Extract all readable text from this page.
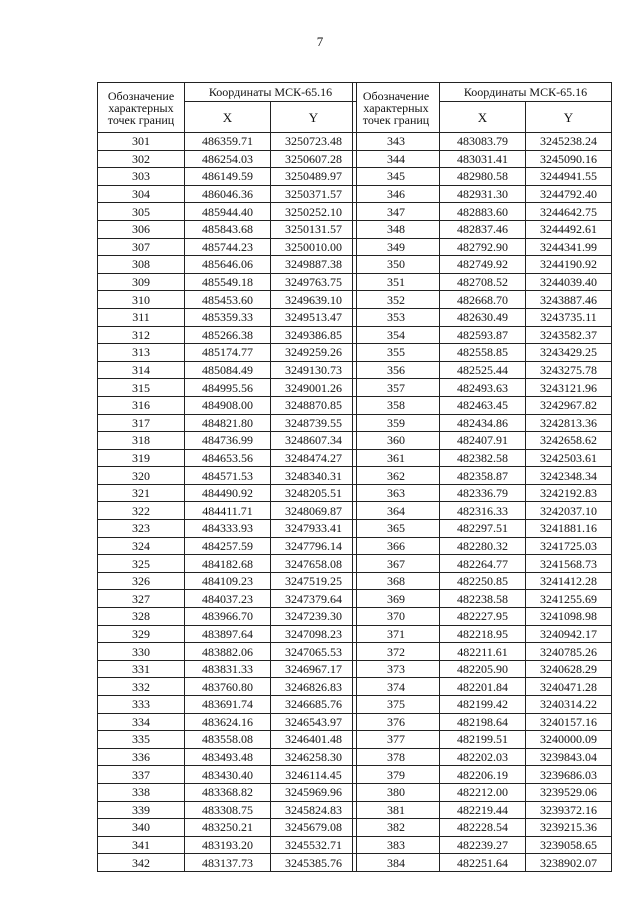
7
Обозначение
характерных
точек границ	Координаты МСК-65.16	
	X	Y
301	486359.71	3250723.48
302	486254.03	3250607.28
303	486149.59	3250489.97
304	486046.36	3250371.57
305	485944.40	3250252.10
306	485843.68	3250131.57
307	485744.23	3250010.00
308	485646.06	3249887.38
309	485549.18	3249763.75
310	485453.60	3249639.10
311	485359.33	3249513.47
312	485266.38	3249386.85
313	485174.77	3249259.26
314	485084.49	3249130.73
315	484995.56	3249001.26
316	484908.00	3248870.85
317	484821.80	3248739.55
318	484736.99	3248607.34
319	484653.56	3248474.27
320	484571.53	3248340.31
321	484490.92	3248205.51
322	484411.71	3248069.87
323	484333.93	3247933.41
324	484257.59	3247796.14
325	484182.68	3247658.08
326	484109.23	3247519.25
327	484037.23	3247379.64
328	483966.70	3247239.30
329	483897.64	3247098.23
330	483882.06	3247065.53
331	483831.33	3246967.17
332	483760.80	3246826.83
333	483691.74	3246685.76
334	483624.16	3246543.97
335	483558.08	3246401.48
336	483493.48	3246258.30
337	483430.40	3246114.45
338	483368.82	3245969.96
339	483308.75	3245824.83
340	483250.21	3245679.08
341	483193.20	3245532.71
342	483137.73	3245385.76
Обозначение
характерных
точек границ	Координаты МСК-65.16	
	X	Y
343	483083.79	3245238.24
344	483031.41	3245090.16
345	482980.58	3244941.55
346	482931.30	3244792.40
347	482883.60	3244642.75
348	482837.46	3244492.61
349	482792.90	3244341.99
350	482749.92	3244190.92
351	482708.52	3244039.40
352	482668.70	3243887.46
353	482630.49	3243735.11
354	482593.87	3243582.37
355	482558.85	3243429.25
356	482525.44	3243275.78
357	482493.63	3243121.96
358	482463.45	3242967.82
359	482434.86	3242813.36
360	482407.91	3242658.62
361	482382.58	3242503.61
362	482358.87	3242348.34
363	482336.79	3242192.83
364	482316.33	3242037.10
365	482297.51	3241881.16
366	482280.32	3241725.03
367	482264.77	3241568.73
368	482250.85	3241412.28
369	482238.58	3241255.69
370	482227.95	3241098.98
371	482218.95	3240942.17
372	482211.61	3240785.26
373	482205.90	3240628.29
374	482201.84	3240471.28
375	482199.42	3240314.22
376	482198.64	3240157.16
377	482199.51	3240000.09
378	482202.03	3239843.04
379	482206.19	3239686.03
380	482212.00	3239529.06
381	482219.44	3239372.16
382	482228.54	3239215.36
383	482239.27	3239058.65
384	482251.64	3238902.07
